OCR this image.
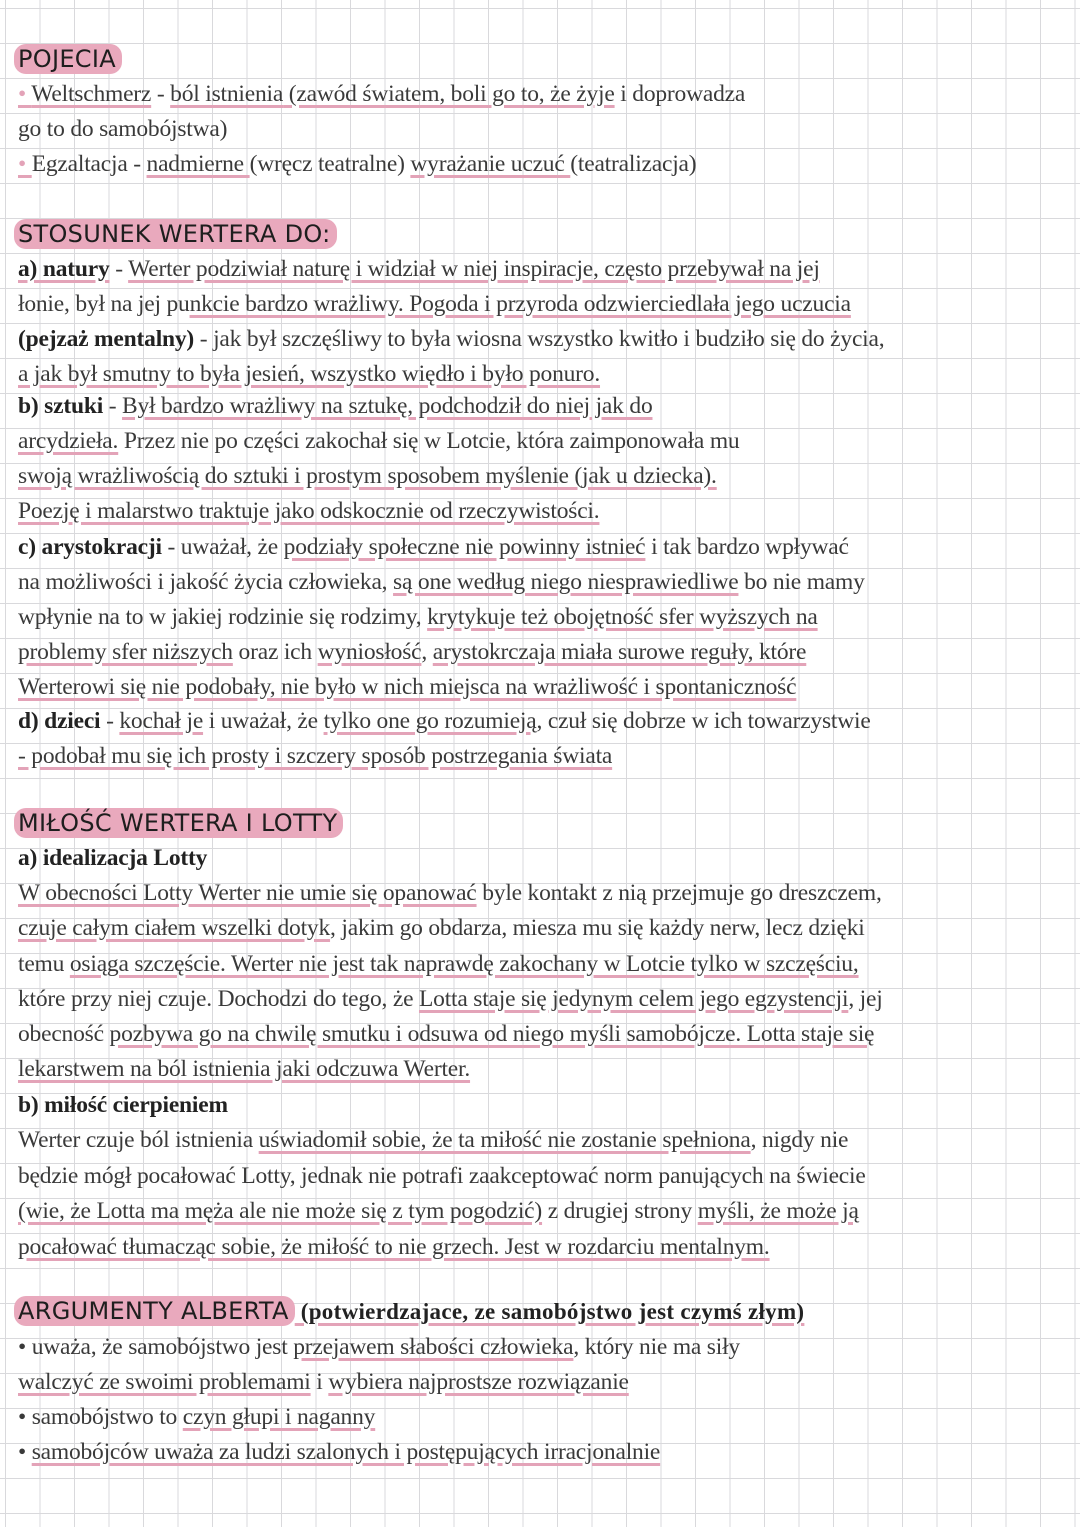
POJECIA
• Weltschmerz - ból istnienia (zawód światem, boli go to, że żyje i doprowadza
go to do samobójstwa)
• Egzaltacja - nadmierne (wręcz teatralne) wyrażanie uczuć (teatralizacja)
STOSUNEK WERTERA DO:
a) natury - Werter podziwiał naturę i widział w niej inspiracje, często przebywał na jej
łonie, był na jej punkcie bardzo wrażliwy. Pogoda i przyroda odzwierciedlała jego uczucia
(pejzaż mentalny) - jak był szczęśliwy to była wiosna wszystko kwitło i budziło się do życia,
a jak był smutny to była jesień, wszystko więdło i było ponuro.
b) sztuki - Był bardzo wrażliwy na sztukę, podchodził do niej jak do
arcydzieła. Przez nie po części zakochał się w Lotcie, która zaimponowała mu
swoją wrażliwością do sztuki i prostym sposobem myślenie (jak u dziecka).
Poezję i malarstwo traktuje jako odskocznie od rzeczywistości.
c) arystokracji - uważał, że podziały społeczne nie powinny istnieć i tak bardzo wpływać
na możliwości i jakość życia człowieka, są one według niego niesprawiedliwe bo nie mamy
wpłynie na to w jakiej rodzinie się rodzimy, krytykuje też obojętność sfer wyższych na
problemy sfer niższych oraz ich wyniosłość, arystokrczaja miała surowe reguły, które
Werterowi się nie podobały, nie było w nich miejsca na wrażliwość i spontaniczność
d) dzieci - kochał je i uważał, że tylko one go rozumieją, czuł się dobrze w ich towarzystwie
- podobał mu się ich prosty i szczery sposób postrzegania świata
MIŁOŚĆ WERTERA I LOTTY
a) idealizacja Lotty
W obecności Lotty Werter nie umie się opanować byle kontakt z nią przejmuje go dreszczem,
czuje całym ciałem wszelki dotyk, jakim go obdarza, miesza mu się każdy nerw, lecz dzięki
temu osiąga szczęście. Werter nie jest tak naprawdę zakochany w Lotcie tylko w szczęściu,
które przy niej czuje. Dochodzi do tego, że Lotta staje się jedynym celem jego egzystencji, jej
obecność pozbywa go na chwilę smutku i odsuwa od niego myśli samobójcze. Lotta staje się
lekarstwem na ból istnienia jaki odczuwa Werter.
b) miłość cierpieniem
Werter czuje ból istnienia uświadomił sobie, że ta miłość nie zostanie spełniona, nigdy nie
będzie mógł pocałować Lotty, jednak nie potrafi zaakceptować norm panujących na świecie
(wie, że Lotta ma męża ale nie może się z tym pogodzić) z drugiej strony myśli, że może ją
pocałować tłumacząc sobie, że miłość to nie grzech. Jest w rozdarciu mentalnym.
ARGUMENTY ALBERTA (potwierdzajace, ze samobójstwo jest czymś złym)
• uważa, że samobójstwo jest przejawem słabości człowieka, który nie ma siły
walczyć ze swoimi problemami i wybiera najprostsze rozwiązanie
• samobójstwo to czyn głupi i naganny
• samobójców uważa za ludzi szalonych i postępujących irracjonalnie
